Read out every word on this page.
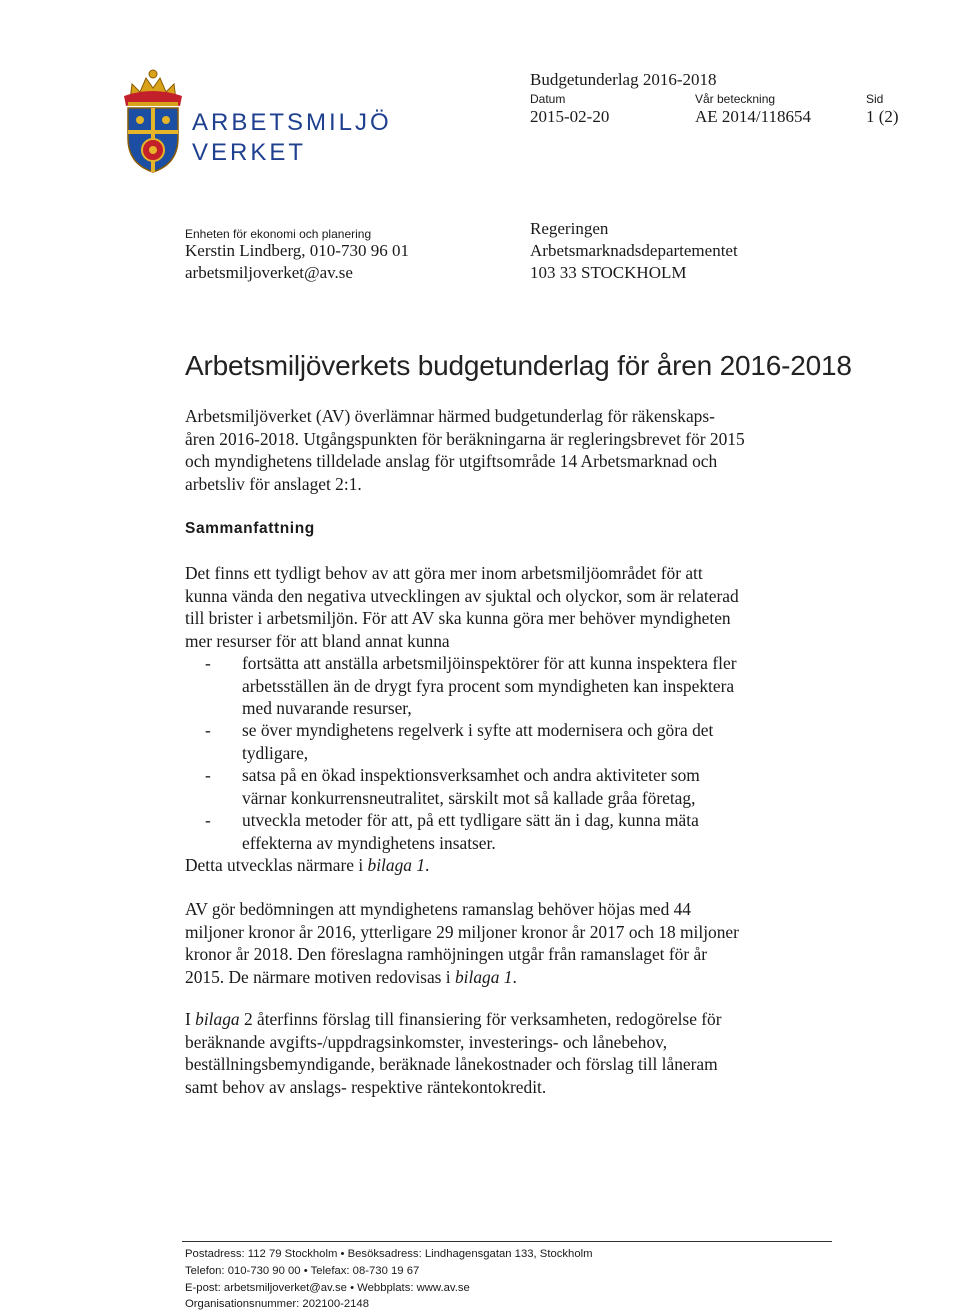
ARBETSMILJÖ
VERKET
Budgetunderlag 2016-2018
Datum
2015-02-20
Vår beteckning
AE 2014/118654
Sid
1 (2)
Enheten för ekonomi och planering
Kerstin Lindberg, 010-730 96 01
arbetsmiljoverket@av.se
Regeringen
Arbetsmarknadsdepartementet
103 33 STOCKHOLM
Arbetsmiljöverkets budgetunderlag för åren 2016-2018
Arbetsmiljöverket (AV) överlämnar härmed budgetunderlag för räkenskaps-
åren 2016-2018. Utgångspunkten för beräkningarna är regleringsbrevet för 2015
och myndighetens tilldelade anslag för utgiftsområde 14 Arbetsmarknad och
arbetsliv för anslaget 2:1.
Sammanfattning
Det finns ett tydligt behov av att göra mer inom arbetsmiljöområdet för att
kunna vända den negativa utvecklingen av sjuktal och olyckor, som är relaterad
till brister i arbetsmiljön. För att AV ska kunna göra mer behöver myndigheten
mer resurser för att bland annat kunna
- fortsätta att anställa arbetsmiljöinspektörer för att kunna inspektera fler
arbetsställen än de drygt fyra procent som myndigheten kan inspektera
med nuvarande resurser,
- se över myndighetens regelverk i syfte att modernisera och göra det
tydligare,
- satsa på en ökad inspektionsverksamhet och andra aktiviteter som
värnar konkurrensneutralitet, särskilt mot så kallade gråa företag,
- utveckla metoder för att, på ett tydligare sätt än i dag, kunna mäta
effekterna av myndighetens insatser.
Detta utvecklas närmare i bilaga 1.
AV gör bedömningen att myndighetens ramanslag behöver höjas med 44
miljoner kronor år 2016, ytterligare 29 miljoner kronor år 2017 och 18 miljoner
kronor år 2018. Den föreslagna ramhöjningen utgår från ramanslaget för år
2015. De närmare motiven redovisas i bilaga 1.
I bilaga 2 återfinns förslag till finansiering för verksamheten, redogörelse för
beräknande avgifts-/uppdragsinkomster, investerings- och lånebehov,
beställningsbemyndigande, beräknade lånekostnader och förslag till låneram
samt behov av anslags- respektive räntekontokredit.
Postadress: 112 79 Stockholm • Besöksadress: Lindhagensgatan 133, Stockholm
Telefon: 010-730 90 00 • Telefax: 08-730 19 67
E-post: arbetsmiljoverket@av.se • Webbplats: www.av.se
Organisationsnummer: 202100-2148
